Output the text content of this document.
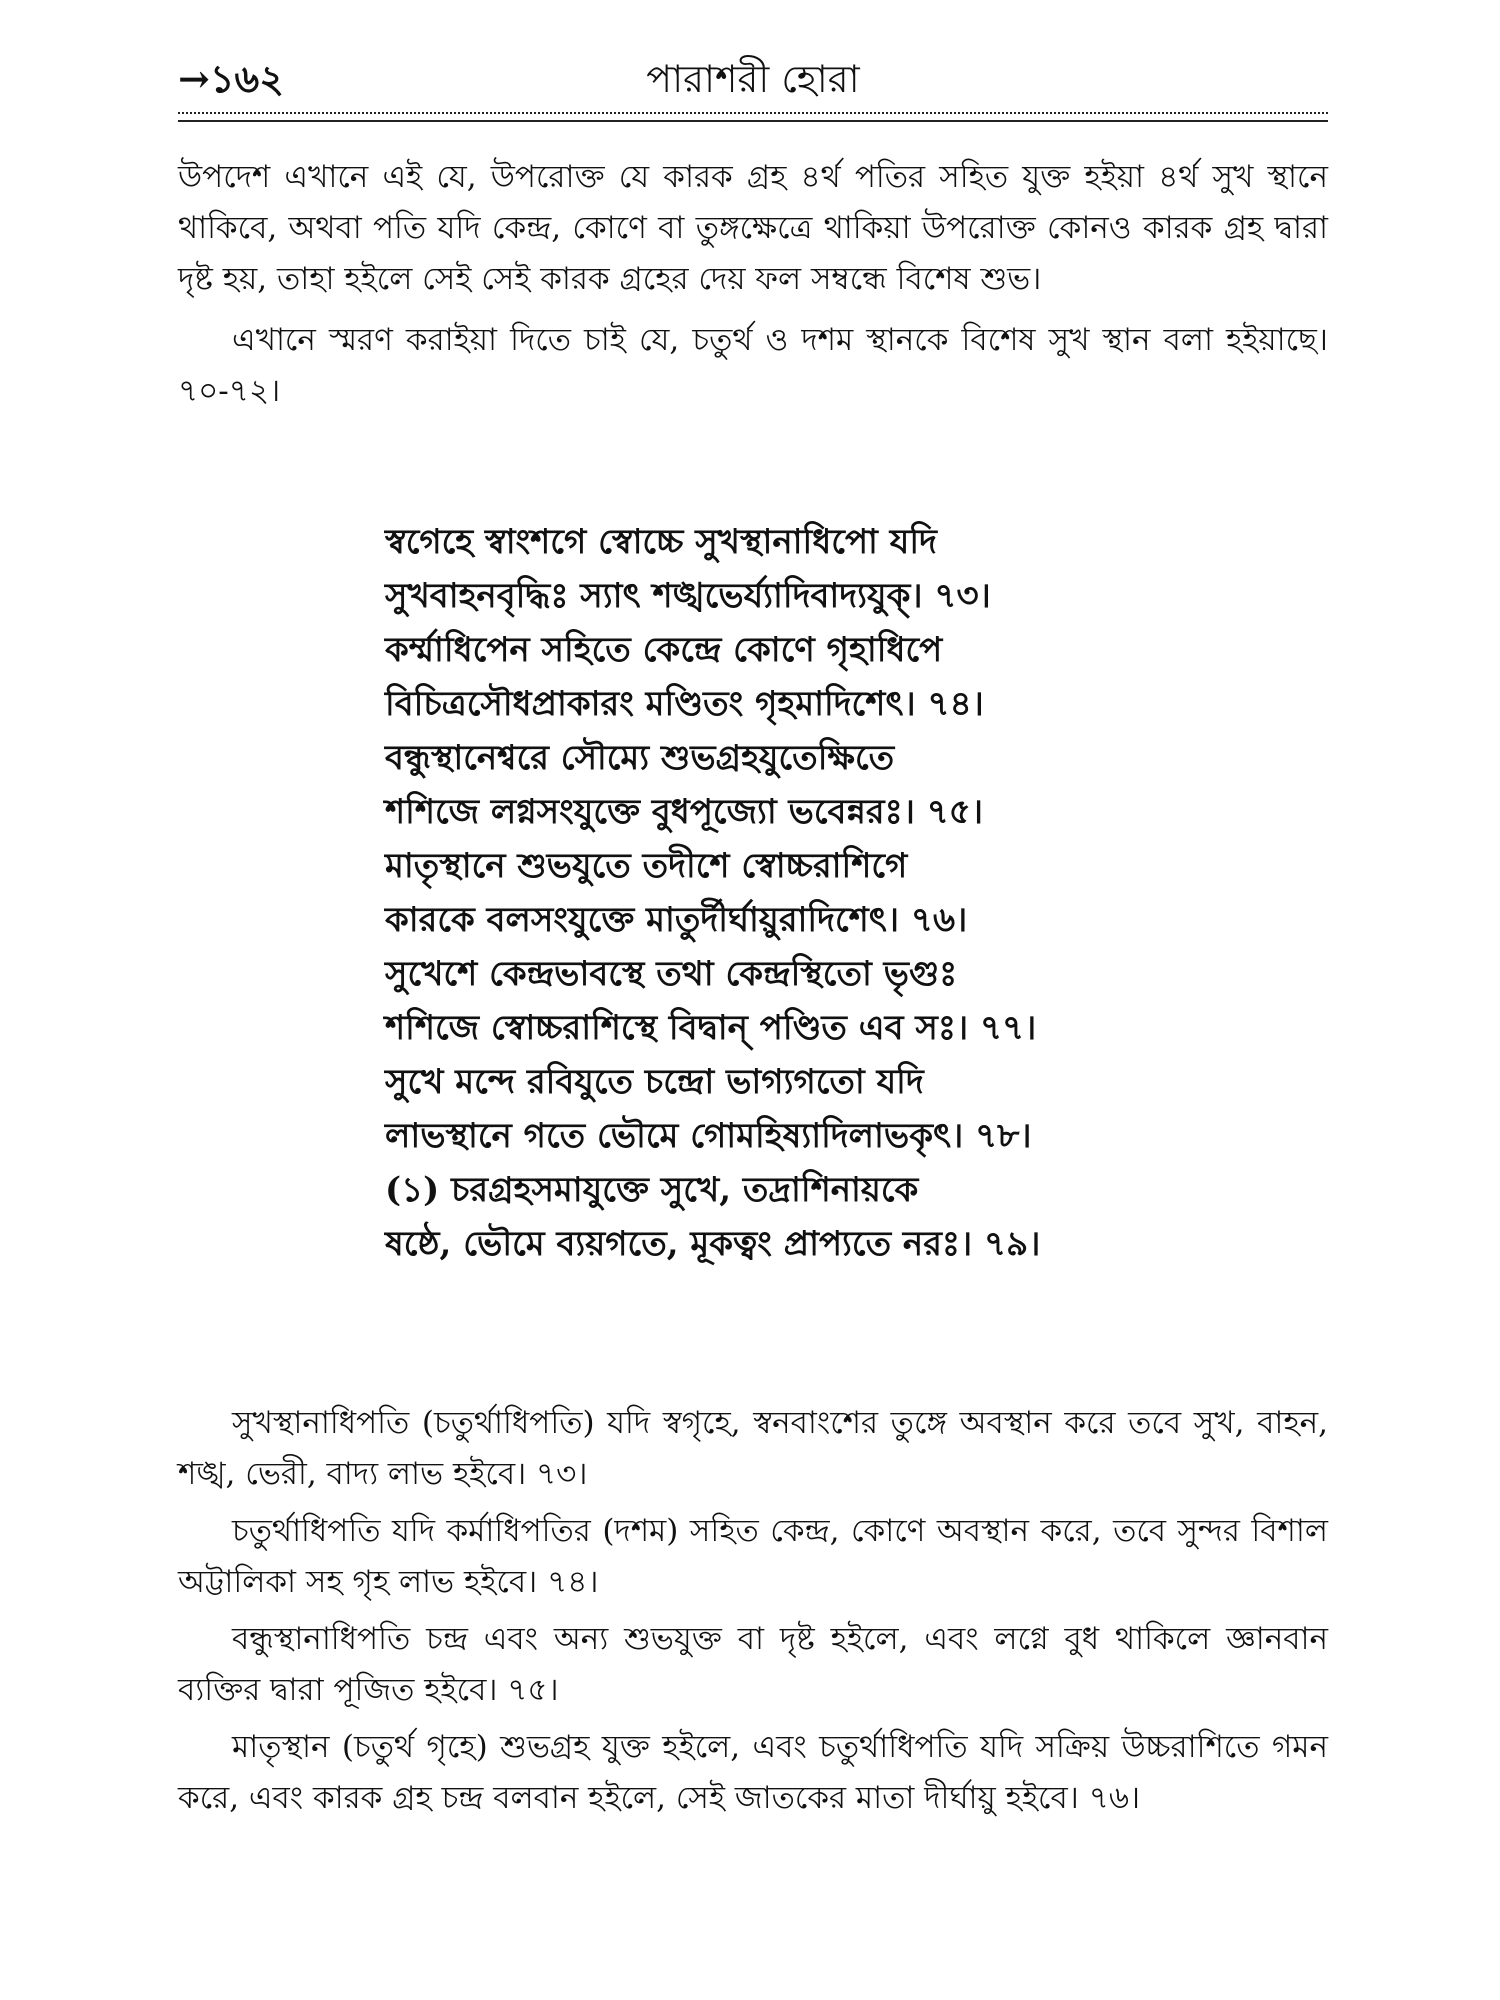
→১৬২	পারাশরী হোরা

উপদেশ এখানে এই যে, উপরোক্ত যে কারক গ্রহ ৪র্থ পতির সহিত যুক্ত হইয়া ৪র্থ সুখ স্থানে থাকিবে, অথবা পতি যদি কেন্দ্র, কোণে বা তুঙ্গক্ষেত্রে থাকিয়া উপরোক্ত কোনও কারক গ্রহ দ্বারা দৃষ্ট হয়, তাহা হইলে সেই সেই কারক গ্রহের দেয় ফল সম্বন্ধে বিশেষ শুভ।

এখানে স্মরণ করাইয়া দিতে চাই যে, চতুর্থ ও দশম স্থানকে বিশেষ সুখ স্থান বলা হইয়াছে। ৭০-৭২।

স্বগেহে স্বাংশগে স্বোচ্চে সুখস্থানাধিপো যদি

সুখবাহনবৃদ্ধিঃ স্যাৎ শঙ্খভের্য্যাদিবাদ্যযুক্। ৭৩।

কর্ম্মাধিপেন সহিতে কেন্দ্রে কোণে গৃহাধিপে

বিচিত্রসৌধপ্রাকারং মণ্ডিতং গৃহমাদিশেৎ। ৭৪।

বন্ধুস্থানেশ্বরে সৌম্যে শুভগ্রহযুতেক্ষিতে

শশিজে লগ্নসংযুক্তে বুধপূজ্যো ভবেন্নরঃ। ৭৫।

মাতৃস্থানে শুভযুতে তদীশে স্বোচ্চরাশিগে

কারকে বলসংযুক্তে মাতুর্দীর্ঘায়ুরাদিশেৎ। ৭৬।

সুখেশে কেন্দ্রভাবস্থে তথা কেন্দ্রস্থিতো ভৃগুঃ

শশিজে স্বোচ্চরাশিস্থে বিদ্বান্ পণ্ডিত এব সঃ। ৭৭।

সুখে মন্দে রবিযুতে চন্দ্রো ভাগ্যগতো যদি

লাভস্থানে গতে ভৌমে গোমহিষ্যাদিলাভকৃৎ। ৭৮।

(১) চরগ্রহসমাযুক্তে সুখে, তদ্রাশিনায়কে

ষষ্ঠে, ভৌমে ব্যয়গতে, মূকত্বং প্রাপ্যতে নরঃ। ৭৯।

সুখস্থানাধিপতি (চতুর্থাধিপতি) যদি স্বগৃহে, স্বনবাংশের তুঙ্গে অবস্থান করে তবে সুখ, বাহন, শঙ্খ, ভেরী, বাদ্য লাভ হইবে। ৭৩।

চতুর্থাধিপতি যদি কর্মাধিপতির (দশম) সহিত কেন্দ্র, কোণে অবস্থান করে, তবে সুন্দর বিশাল অট্টালিকা সহ গৃহ লাভ হইবে। ৭৪।

বন্ধুস্থানাধিপতি চন্দ্র এবং অন্য শুভযুক্ত বা দৃষ্ট হইলে, এবং লগ্নে বুধ থাকিলে জ্ঞানবান ব্যক্তির দ্বারা পূজিত হইবে। ৭৫।

মাতৃস্থান (চতুর্থ গৃহে) শুভগ্রহ যুক্ত হইলে, এবং চতুর্থাধিপতি যদি সক্রিয় উচ্চরাশিতে গমন করে, এবং কারক গ্রহ চন্দ্র বলবান হইলে, সেই জাতকের মাতা দীর্ঘায়ু হইবে। ৭৬।
